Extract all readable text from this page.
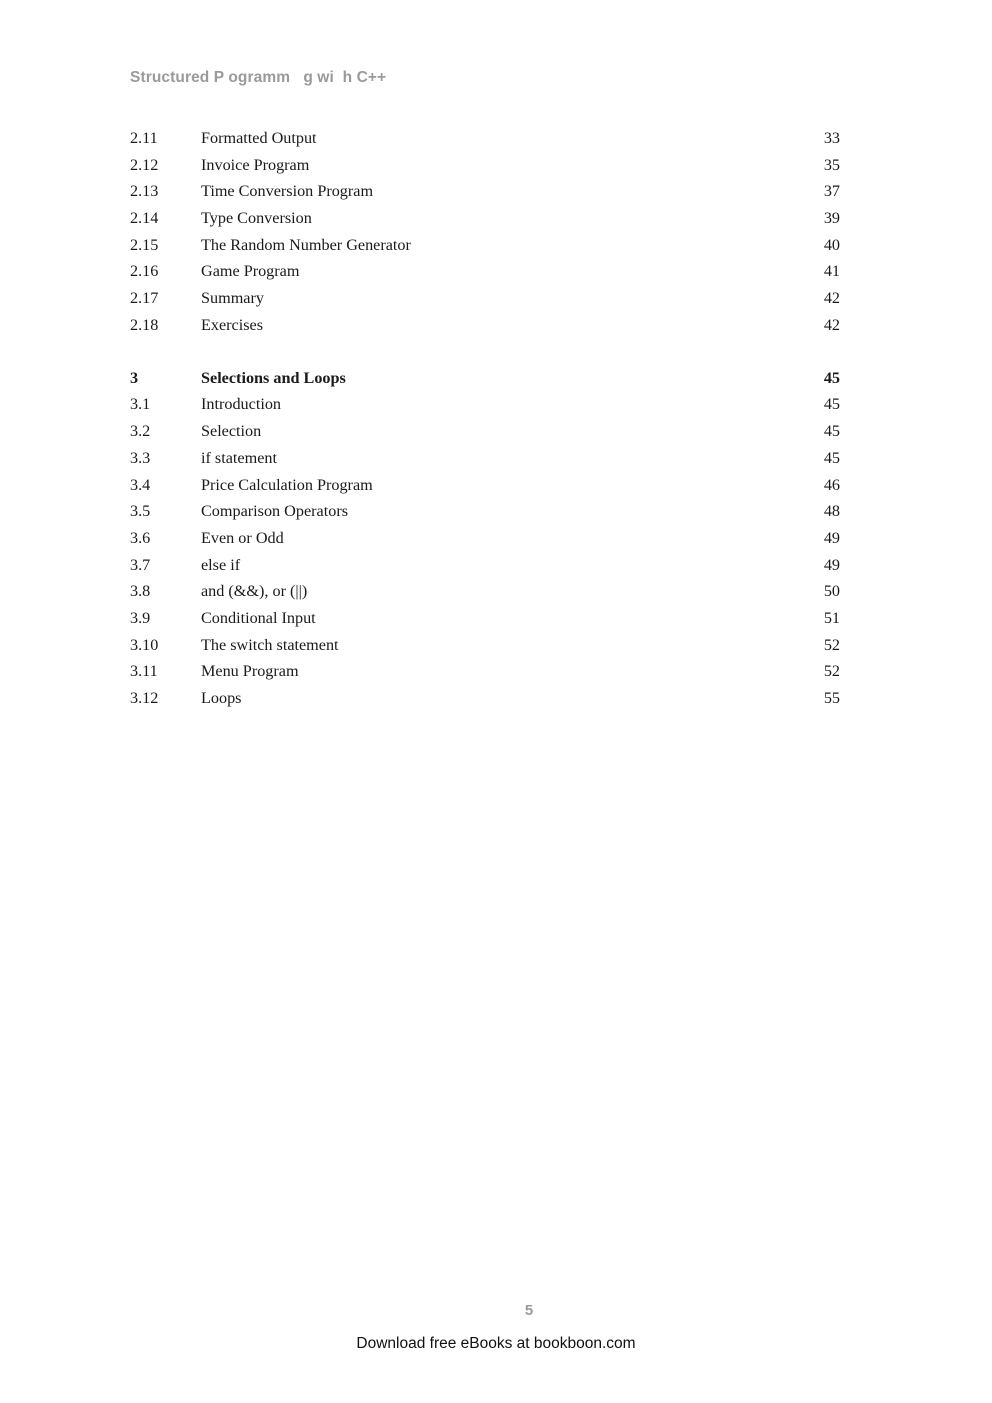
Structured P ogramm   g wi  h C++
2.11	Formatted Output	33
2.12	Invoice Program	35
2.13	Time Conversion Program	37
2.14	Type Conversion	39
2.15	The Random Number Generator	40
2.16	Game Program	41
2.17	Summary	42
2.18	Exercises	42
3	Selections and Loops	45
3.1	Introduction	45
3.2	Selection	45
3.3	if statement	45
3.4	Price Calculation Program	46
3.5	Comparison Operators	48
3.6	Even or Odd	49
3.7	else if	49
3.8	and (&&), or (||)	50
3.9	Conditional Input	51
3.10	The switch statement	52
3.11	Menu Program	52
3.12	Loops	55
5
Download free eBooks at bookboon.com
